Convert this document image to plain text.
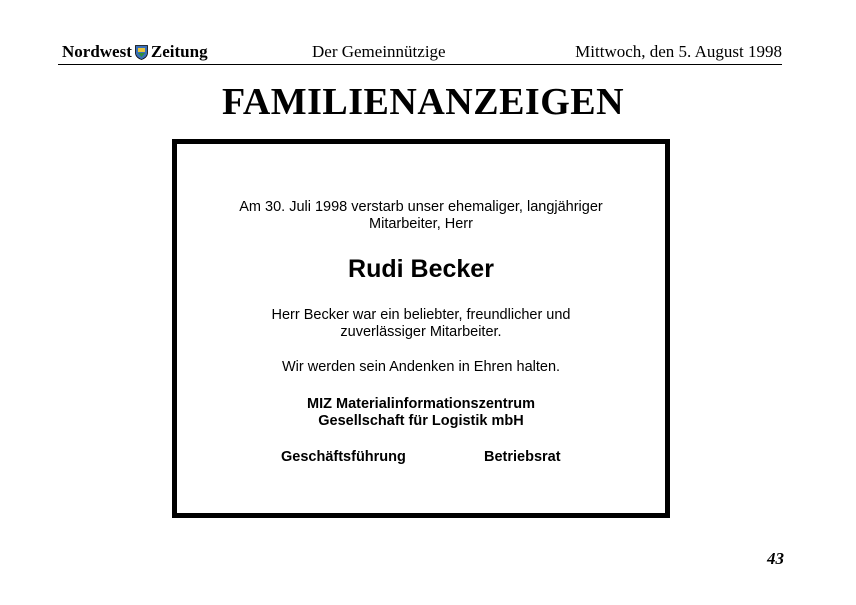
Nordwest Zeitung	Der Gemeinnützige	Mittwoch, den 5. August 1998
FAMILIENANZEIGEN
Am 30. Juli 1998 verstarb unser ehemaliger, langjähriger
Mitarbeiter, Herr
Rudi Becker
Herr Becker war ein beliebter, freundlicher und
zuverlässiger Mitarbeiter.
Wir werden sein Andenken in Ehren halten.
MIZ Materialinformationszentrum
Gesellschaft für Logistik mbH
Geschäftsführung	Betriebsrat
43
